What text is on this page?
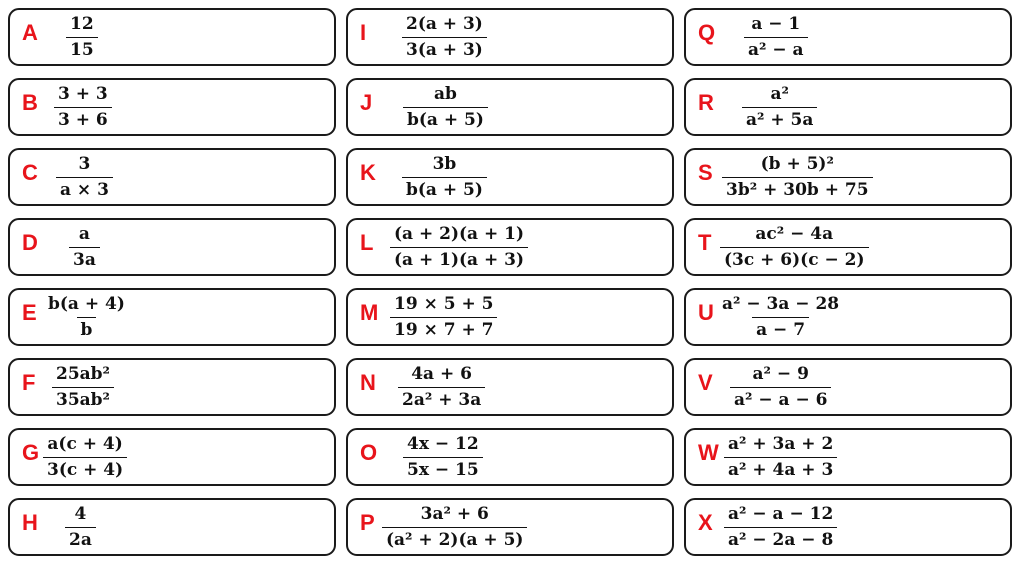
A $\frac{12}{15}$
B $\frac{3 + 3}{3 + 6}$
C $\frac{3}{a \times 3}$
D $\frac{a}{3a}$
E $\frac{b(a + 4)}{b}$
F $\frac{\text{25ab²}}{\text{35ab²}}$
G $\frac{a(c + 4)}{3(c + 4)}$
H $\frac{4}{2a}$
I $\frac{2(a + 3)}{3(a + 3)}$
J $\frac{ab}{b(a + 5)}$
K $\frac{3b}{b(a + 5)}$
L $\frac{(a + 2)(a + 1)}{(a + 1)(a + 3)}$
M $\frac{19 \times 5 + 5}{19 \times 7 + 7}$
N $\frac{4a + 6}{\text{2a² + 3a}}$
O $\frac{4x - 12}{5x - 15}$
P $\frac{\text{3a² + 6}}{\text{(a² + 2)(a + 5)}}$
Q $\frac{a - 1}{\text{a² − a}}$
R $\frac{\text{a²}}{\text{a² + 5a}}$
S $\frac{\text{(b + 5)²}}{\text{3b² + 30b + 75}}$
T $\frac{\text{ac² − 4a}}{(3c + 6)(c - 2)}$
U $\frac{\text{a² − 3a − 28}}{a - 7}$
V $\frac{\text{a² − 9}}{\text{a² − a − 6}}$
W $\frac{\text{a² + 3a + 2}}{\text{a² + 4a + 3}}$
X $\frac{\text{a² − a − 12}}{\text{a² − 2a − 8}}$
